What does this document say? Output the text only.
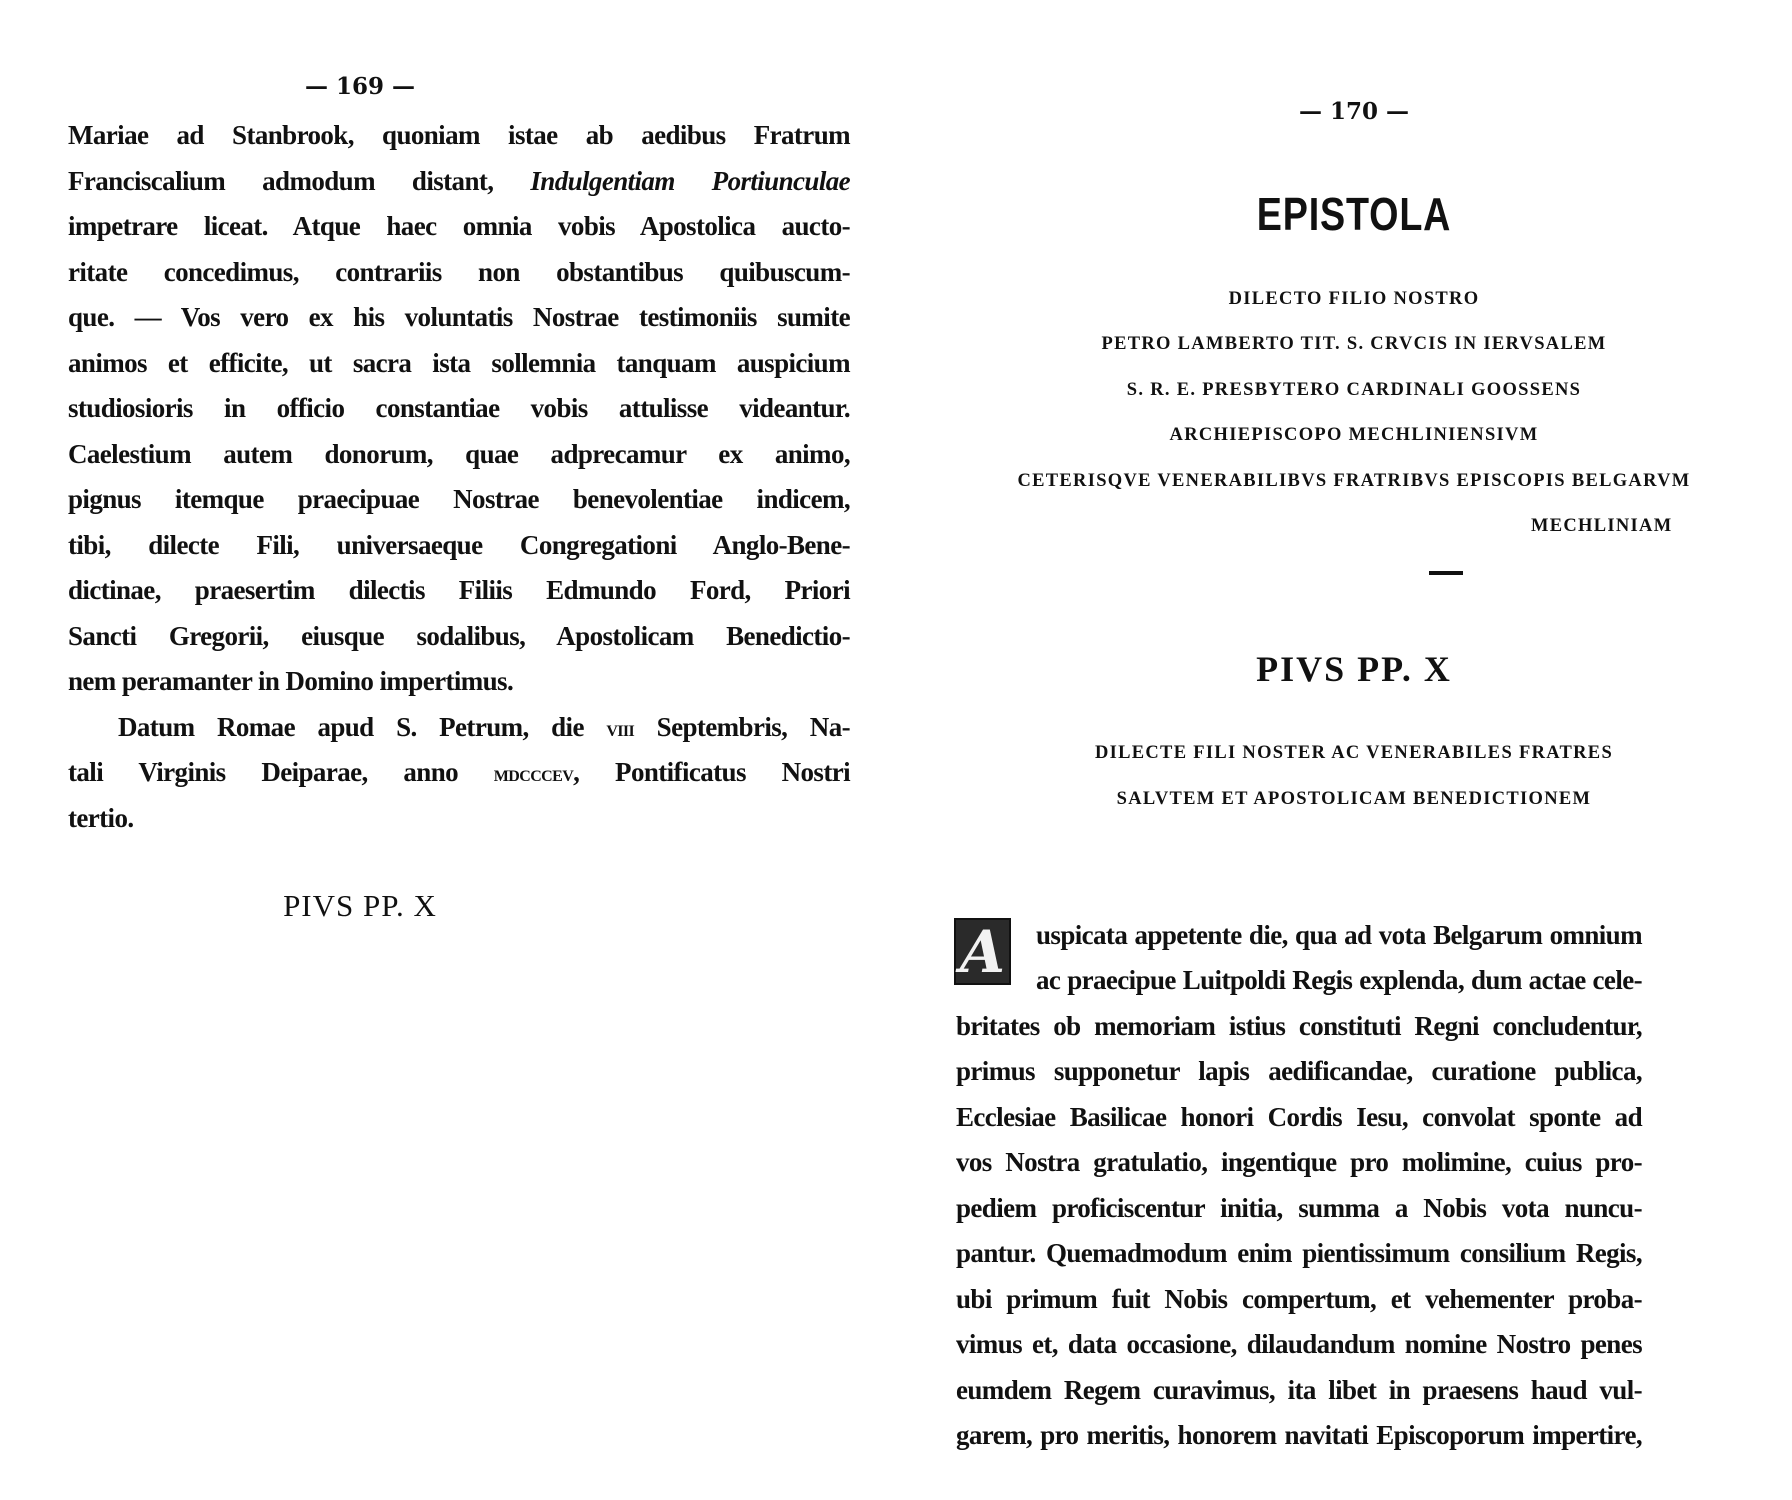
— 169 —
Mariae ad Stanbrook, quoniam istae ab aedibus Fratrum
Franciscalium admodum distant, Indulgentiam Portiunculae
impetrare liceat. Atque haec omnia vobis Apostolica aucto-
ritate concedimus, contrariis non obstantibus quibuscum-
que. — Vos vero ex his voluntatis Nostrae testimoniis sumite
animos et efficite, ut sacra ista sollemnia tanquam auspicium
studiosioris in officio constantiae vobis attulisse videantur.
Caelestium autem donorum, quae adprecamur ex animo,
pignus itemque praecipuae Nostrae benevolentiae indicem,
tibi, dilecte Fili, universaeque Congregationi Anglo-Bene-
dictinae, praesertim dilectis Filiis Edmundo Ford, Priori
Sancti Gregorii, eiusque sodalibus, Apostolicam Benedictio-
nem peramanter in Domino impertimus.
Datum Romae apud S. Petrum, die viii Septembris, Na-
tali Virginis Deiparae, anno mdcccev, Pontificatus Nostri
tertio.
PIVS PP. X
— 170 —
EPISTOLA
DILECTO FILIO NOSTRO
PETRO LAMBERTO TIT. S. CRVCIS IN IERVSALEM
S. R. E. PRESBYTERO CARDINALI GOOSSENS
ARCHIEPISCOPO MECHLINIENSIVM
CETERISQVE VENERABILIBVS FRATRIBVS EPISCOPIS BELGARVM
MECHLINIAM
PIVS PP. X
DILECTE FILI NOSTER AC VENERABILES FRATRES
SALVTEM ET APOSTOLICAM BENEDICTIONEM
A uspicata appetente die, qua ad vota Belgarum omnium
ac praecipue Luitpoldi Regis explenda, dum actae cele-
britates ob memoriam istius constituti Regni concludentur,
primus supponetur lapis aedificandae, curatione publica,
Ecclesiae Basilicae honori Cordis Iesu, convolat sponte ad
vos Nostra gratulatio, ingentique pro molimine, cuius pro-
pediem proficiscentur initia, summa a Nobis vota nuncu-
pantur. Quemadmodum enim pientissimum consilium Regis,
ubi primum fuit Nobis compertum, et vehementer proba-
vimus et, data occasione, dilaudandum nomine Nostro penes
eumdem Regem curavimus, ita libet in praesens haud vul-
garem, pro meritis, honorem navitati Episcoporum impertire,
